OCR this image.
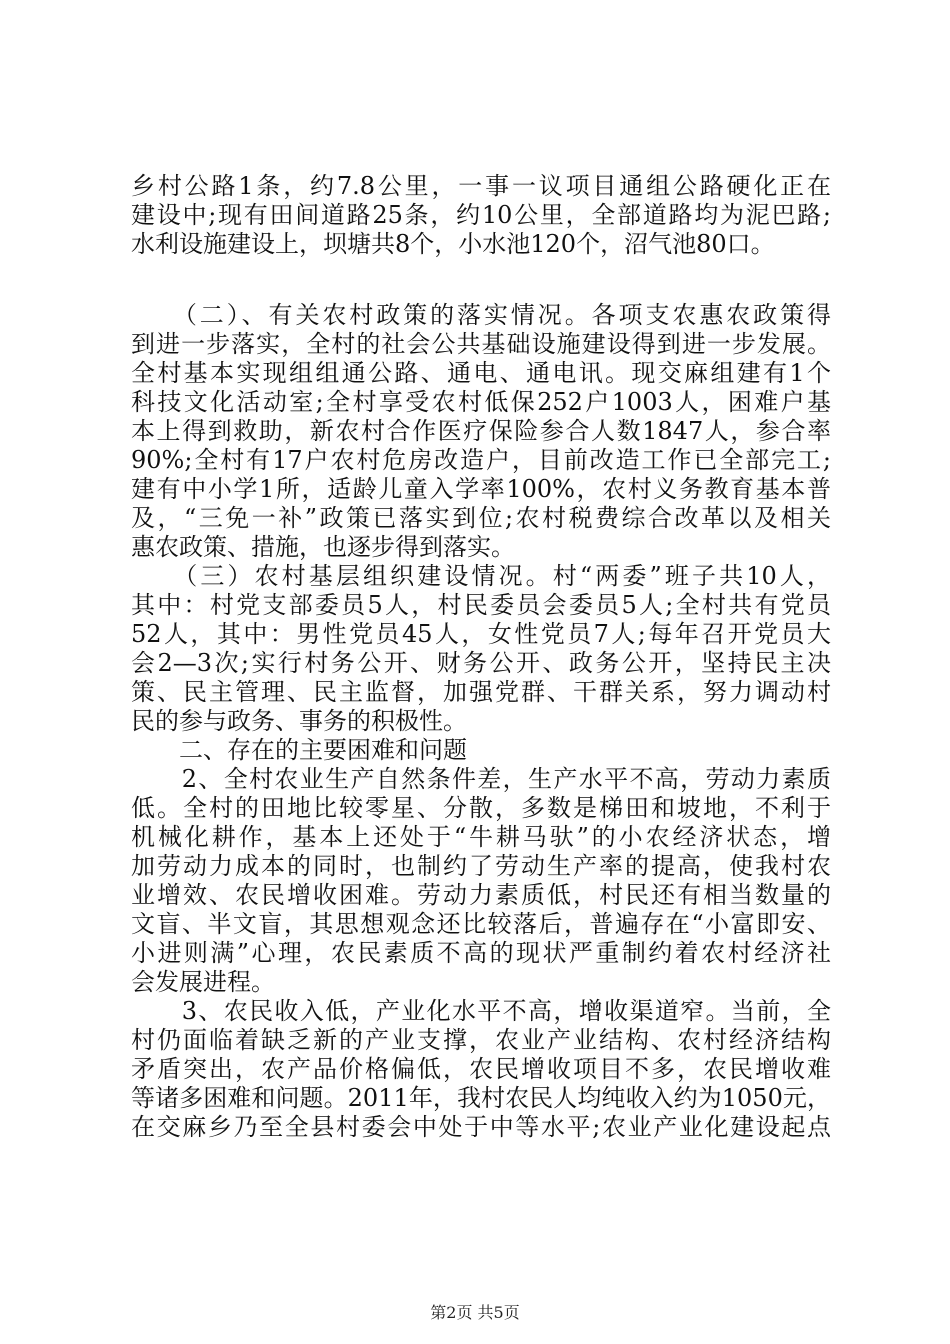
乡村公路1条，约7.8公里，一事一议项目通组公路硬化正在
建设中;现有田间道路25条，约10公里，全部道路均为泥巴路;
水利设施建设上，坝塘共8个，小水池120个，沼气池80口。
　　（二）、有关农村政策的落实情况。各项支农惠农政策得
到进一步落实，全村的社会公共基础设施建设得到进一步发展。
全村基本实现组组通公路、通电、通电讯。现交麻组建有1个
科技文化活动室;全村享受农村低保252户1003人，困难户基
本上得到救助，新农村合作医疗保险参合人数1847人，参合率
90%;全村有17户农村危房改造户，目前改造工作已全部完工;
建有中小学1所，适龄儿童入学率100%，农村义务教育基本普
及，“三免一补”政策已落实到位;农村税费综合改革以及相关
惠农政策、措施，也逐步得到落实。
　　（三）农村基层组织建设情况。村“两委”班子共10人，
其中：村党支部委员5人，村民委员会委员5人;全村共有党员
52人，其中：男性党员45人，女性党员7人;每年召开党员大
会2—3次;实行村务公开、财务公开、政务公开，坚持民主决
策、民主管理、民主监督，加强党群、干群关系，努力调动村
民的参与政务、事务的积极性。
　　二、存在的主要困难和问题
　　2、全村农业生产自然条件差，生产水平不高，劳动力素质
低。全村的田地比较零星、分散，多数是梯田和坡地，不利于
机械化耕作，基本上还处于“牛耕马驮”的小农经济状态，增
加劳动力成本的同时，也制约了劳动生产率的提高，使我村农
业增效、农民增收困难。劳动力素质低，村民还有相当数量的
文盲、半文盲，其思想观念还比较落后，普遍存在“小富即安、
小进则满”心理，农民素质不高的现状严重制约着农村经济社
会发展进程。
　　3、农民收入低，产业化水平不高，增收渠道窄。当前，全
村仍面临着缺乏新的产业支撑，农业产业结构、农村经济结构
矛盾突出，农产品价格偏低，农民增收项目不多，农民增收难
等诸多困难和问题。2011年，我村农民人均纯收入约为1050元，
在交麻乡乃至全县村委会中处于中等水平;农业产业化建设起点
第2页 共5页
